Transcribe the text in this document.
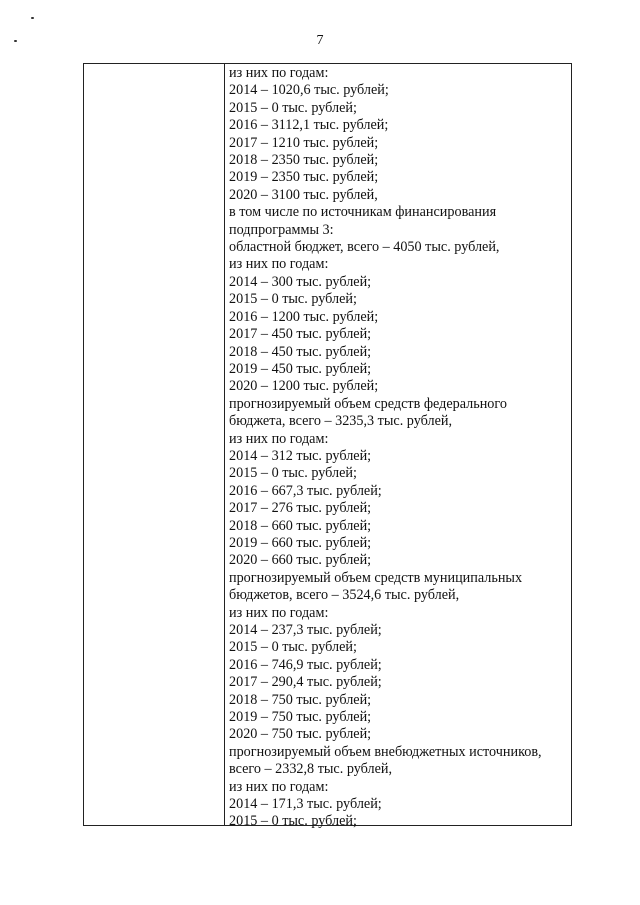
7
из них по годам:
2014 – 1020,6 тыс. рублей;
2015 – 0 тыс. рублей;
2016 – 3112,1 тыс. рублей;
2017 – 1210 тыс. рублей;
2018 – 2350 тыс. рублей;
2019 – 2350 тыс. рублей;
2020 – 3100 тыс. рублей,
в том числе по источникам финансирования
подпрограммы 3:
областной бюджет, всего – 4050 тыс. рублей,
из них по годам:
2014 – 300 тыс. рублей;
2015 – 0 тыс. рублей;
2016 – 1200 тыс. рублей;
2017 – 450 тыс. рублей;
2018 – 450 тыс. рублей;
2019 – 450 тыс. рублей;
2020 – 1200 тыс. рублей;
прогнозируемый объем средств федерального
бюджета, всего – 3235,3 тыс. рублей,
из них по годам:
2014 – 312 тыс. рублей;
2015 – 0 тыс. рублей;
2016 – 667,3 тыс. рублей;
2017 – 276 тыс. рублей;
2018 – 660 тыс. рублей;
2019 – 660 тыс. рублей;
2020 – 660 тыс. рублей;
прогнозируемый объем средств муниципальных
бюджетов, всего – 3524,6 тыс. рублей,
из них по годам:
2014 – 237,3 тыс. рублей;
2015 – 0 тыс. рублей;
2016 – 746,9 тыс. рублей;
2017 – 290,4 тыс. рублей;
2018 – 750 тыс. рублей;
2019 – 750 тыс. рублей;
2020 – 750 тыс. рублей;
прогнозируемый объем внебюджетных источников,
всего – 2332,8 тыс. рублей,
из них по годам:
2014 – 171,3 тыс. рублей;
2015 – 0 тыс. рублей;
